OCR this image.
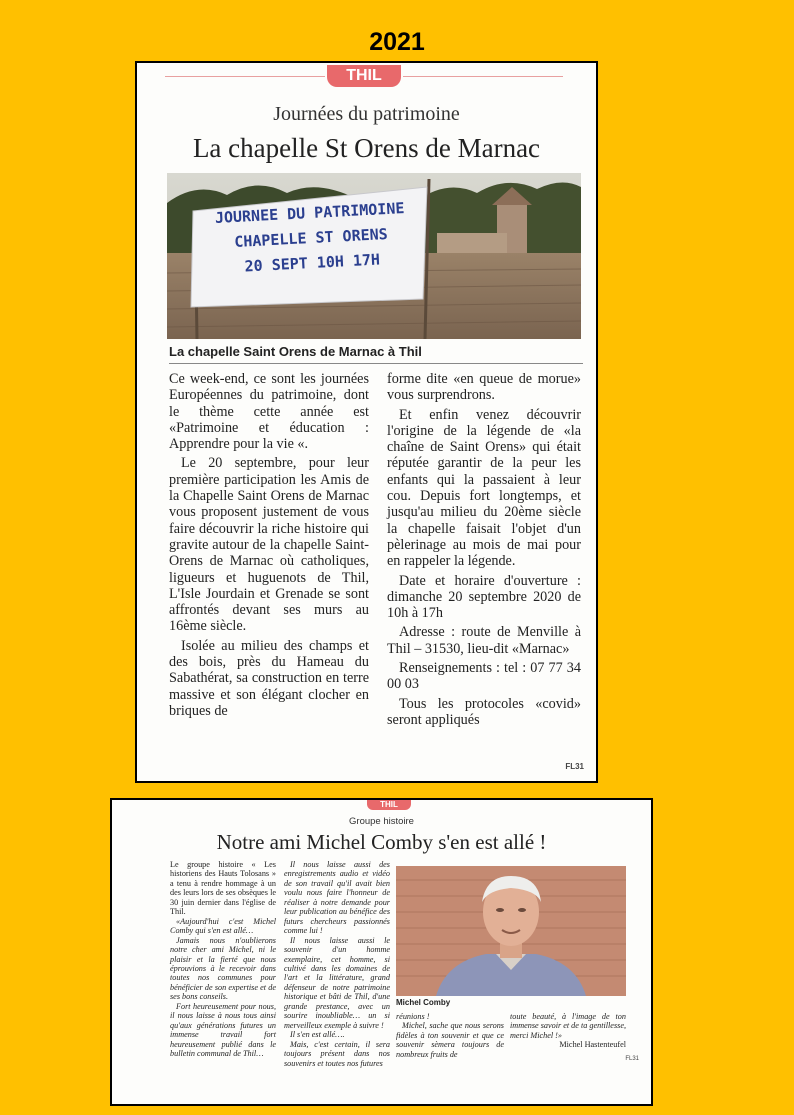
2021
THIL
Journées du patrimoine
La chapelle St Orens de Marnac
JOURNEE DU PATRIMOINE
CHAPELLE ST ORENS
20 SEPT 10H 17H
La chapelle Saint Orens de Marnac à Thil

Ce week-end, ce sont les journées Européennes du patrimoine, dont le thème cette année est «Patrimoine et éducation : Apprendre pour la vie «.

Le 20 septembre, pour leur première participation les Amis de la Chapelle Saint Orens de Marnac vous proposent justement de vous faire découvrir la riche histoire qui gravite autour de la chapelle Saint-Orens de Marnac où catholiques, ligueurs et huguenots de Thil, L'Isle Jourdain et Grenade se sont affrontés devant ses murs au 16ème siècle.

Isolée au milieu des champs et des bois, près du Hameau du Sabathérat, sa construction en terre massive et son élégant clocher en briques de

forme dite «en queue de morue» vous surprendrons.

Et enfin venez découvrir l'origine de la légende de «la chaîne de Saint Orens» qui était réputée garantir de la peur les enfants qui la passaient à leur cou. Depuis fort longtemps, et jusqu'au milieu du 20ème siècle la chapelle faisait l'objet d'un pèlerinage au mois de mai pour en rappeler la légende.

Date et horaire d'ouverture : dimanche 20 septembre 2020 de 10h à 17h

Adresse : route de Menville à Thil – 31530, lieu-dit «Marnac»

Renseignements : tel : 07 77 34 00 03

Tous les protocoles «covid» seront appliqués

FL31
THIL
Groupe histoire
Notre ami Michel Comby s'en est allé !

Le groupe histoire « Les historiens des Hauts Tolosans » a tenu à rendre hommage à un des leurs lors de ses obsèques le 30 juin dernier dans l'église de Thil.

«Aujourd'hui c'est Michel Comby qui s'en est allé…

Jamais nous n'oublierons notre cher ami Michel, ni le plaisir et la fierté que nous éprouvions à le recevoir dans toutes nos communes pour bénéficier de son expertise et de ses bons conseils.

Fort heureusement pour nous, il nous laisse à nous tous ainsi qu'aux générations futures un immense travail fort heureusement publié dans le bulletin communal de Thil…

Il nous laisse aussi des enregistrements audio et vidéo de son travail qu'il avait bien voulu nous faire l'honneur de réaliser à notre demande pour leur publication au bénéfice des futurs chercheurs passionnés comme lui !

Il nous laisse aussi le souvenir d'un homme exemplaire, cet homme, si cultivé dans les domaines de l'art et la littérature, grand défenseur de notre patrimoine historique et bâti de Thil, d'une grande prestance, avec un sourire inoubliable… un si merveilleux exemple à suivre !

Il s'en est allé….

Mais, c'est certain, il sera toujours présent dans nos souvenirs et toutes nos futures

Michel Comby

réunions !

Michel, sache que nous serons fidèles à ton souvenir et que ce souvenir sèmera toujours de nombreux fruits de

toute beauté, à l'image de ton immense savoir et de ta gentillesse, merci Michel !»

Michel Hastenteufel

FL31
